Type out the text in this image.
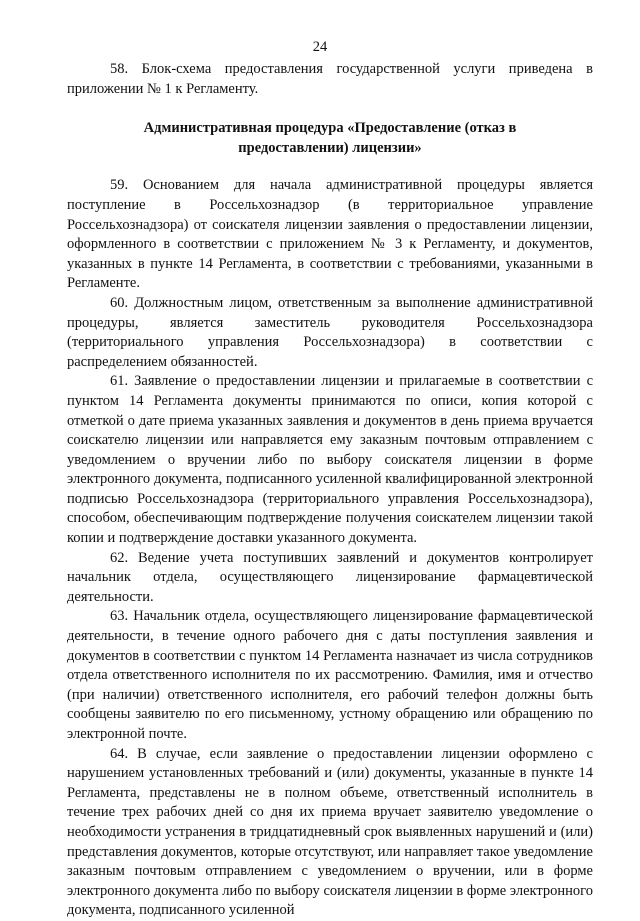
24

58. Блок-схема предоставления государственной услуги приведена в приложении № 1 к Регламенту.

Административная процедура «Предоставление (отказ в предоставлении) лицензии»

59. Основанием для начала административной процедуры является поступление в Россельхознадзор (в территориальное управление Россельхознадзора) от соискателя лицензии заявления о предоставлении лицензии, оформленного в соответствии с приложением № 3 к Регламенту, и документов, указанных в пункте 14 Регламента, в соответствии с требованиями, указанными в Регламенте.

60. Должностным лицом, ответственным за выполнение административной процедуры, является заместитель руководителя Россельхознадзора (территориального управления Россельхознадзора) в соответствии с распределением обязанностей.

61. Заявление о предоставлении лицензии и прилагаемые в соответствии с пунктом 14 Регламента документы принимаются по описи, копия которой с отметкой о дате приема указанных заявления и документов в день приема вручается соискателю лицензии или направляется ему заказным почтовым отправлением с уведомлением о вручении либо по выбору соискателя лицензии в форме электронного документа, подписанного усиленной квалифицированной электронной подписью Россельхознадзора (территориального управления Россельхознадзора), способом, обеспечивающим подтверждение получения соискателем лицензии такой копии и подтверждение доставки указанного документа.

62. Ведение учета поступивших заявлений и документов контролирует начальник отдела, осуществляющего лицензирование фармацевтической деятельности.

63. Начальник отдела, осуществляющего лицензирование фармацевтической деятельности, в течение одного рабочего дня с даты поступления заявления и документов в соответствии с пунктом 14 Регламента назначает из числа сотрудников отдела ответственного исполнителя по их рассмотрению. Фамилия, имя и отчество (при наличии) ответственного исполнителя, его рабочий телефон должны быть сообщены заявителю по его письменному, устному обращению или обращению по электронной почте.

64. В случае, если заявление о предоставлении лицензии оформлено с нарушением установленных требований и (или) документы, указанные в пункте 14 Регламента, представлены не в полном объеме, ответственный исполнитель в течение трех рабочих дней со дня их приема вручает заявителю уведомление о необходимости устранения в тридцатидневный срок выявленных нарушений и (или) представления документов, которые отсутствуют, или направляет такое уведомление заказным почтовым отправлением с уведомлением о вручении, или в форме электронного документа либо по выбору соискателя лицензии в форме электронного документа, подписанного усиленной
